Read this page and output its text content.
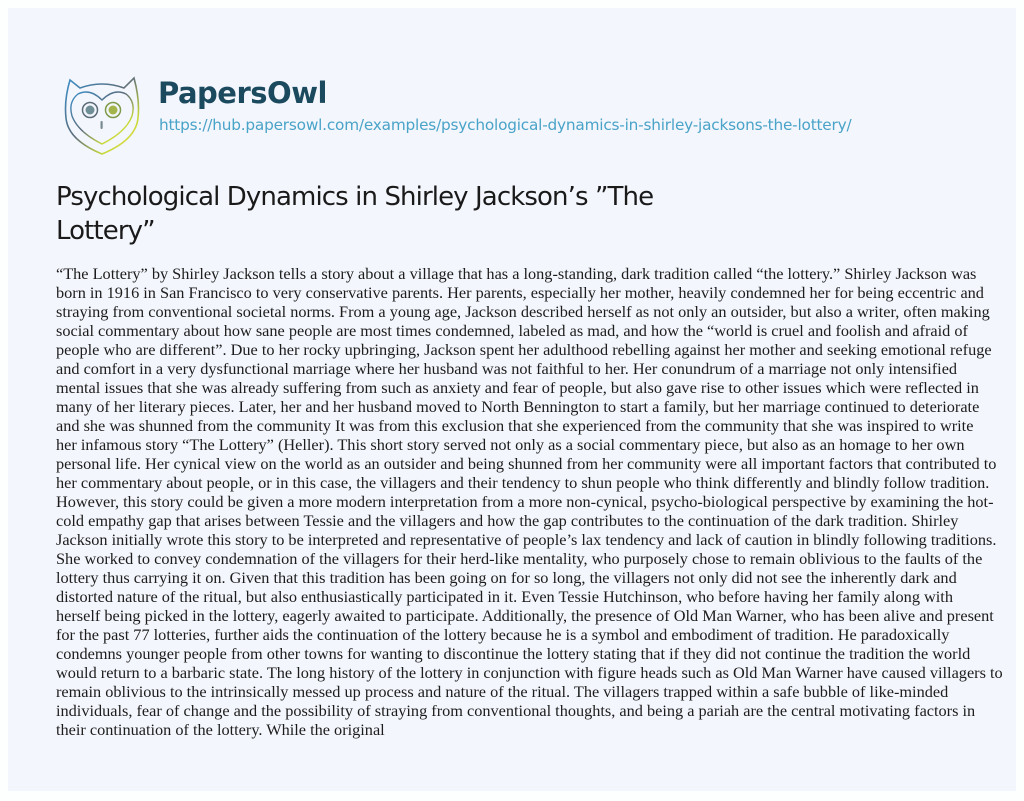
PapersOwl
https://hub.papersowl.com/examples/psychological-dynamics-in-shirley-jacksons-the-lottery/
Psychological Dynamics in Shirley Jackson’s ”The
Lottery”
“The Lottery” by Shirley Jackson tells a story about a village that has a long-standing, dark tradition called “the lottery.” Shirley Jackson was
born in 1916 in San Francisco to very conservative parents. Her parents, especially her mother, heavily condemned her for being eccentric and
straying from conventional societal norms. From a young age, Jackson described herself as not only an outsider, but also a writer, often making
social commentary about how sane people are most times condemned, labeled as mad, and how the “world is cruel and foolish and afraid of
people who are different”. Due to her rocky upbringing, Jackson spent her adulthood rebelling against her mother and seeking emotional refuge
and comfort in a very dysfunctional marriage where her husband was not faithful to her. Her conundrum of a marriage not only intensified
mental issues that she was already suffering from such as anxiety and fear of people, but also gave rise to other issues which were reflected in
many of her literary pieces. Later, her and her husband moved to North Bennington to start a family, but her marriage continued to deteriorate
and she was shunned from the community It was from this exclusion that she experienced from the community that she was inspired to write
her infamous story “The Lottery” (Heller). This short story served not only as a social commentary piece, but also as an homage to her own
personal life. Her cynical view on the world as an outsider and being shunned from her community were all important factors that contributed to
her commentary about people, or in this case, the villagers and their tendency to shun people who think differently and blindly follow tradition.
However, this story could be given a more modern interpretation from a more non-cynical, psycho-biological perspective by examining the hot-
cold empathy gap that arises between Tessie and the villagers and how the gap contributes to the continuation of the dark tradition. Shirley
Jackson initially wrote this story to be interpreted and representative of people’s lax tendency and lack of caution in blindly following traditions.
She worked to convey condemnation of the villagers for their herd-like mentality, who purposely chose to remain oblivious to the faults of the
lottery thus carrying it on. Given that this tradition has been going on for so long, the villagers not only did not see the inherently dark and
distorted nature of the ritual, but also enthusiastically participated in it. Even Tessie Hutchinson, who before having her family along with
herself being picked in the lottery, eagerly awaited to participate. Additionally, the presence of Old Man Warner, who has been alive and present
for the past 77 lotteries, further aids the continuation of the lottery because he is a symbol and embodiment of tradition. He paradoxically
condemns younger people from other towns for wanting to discontinue the lottery stating that if they did not continue the tradition the world
would return to a barbaric state. The long history of the lottery in conjunction with figure heads such as Old Man Warner have caused villagers to
remain oblivious to the intrinsically messed up process and nature of the ritual. The villagers trapped within a safe bubble of like-minded
individuals, fear of change and the possibility of straying from conventional thoughts, and being a pariah are the central motivating factors in
their continuation of the lottery. While the original
